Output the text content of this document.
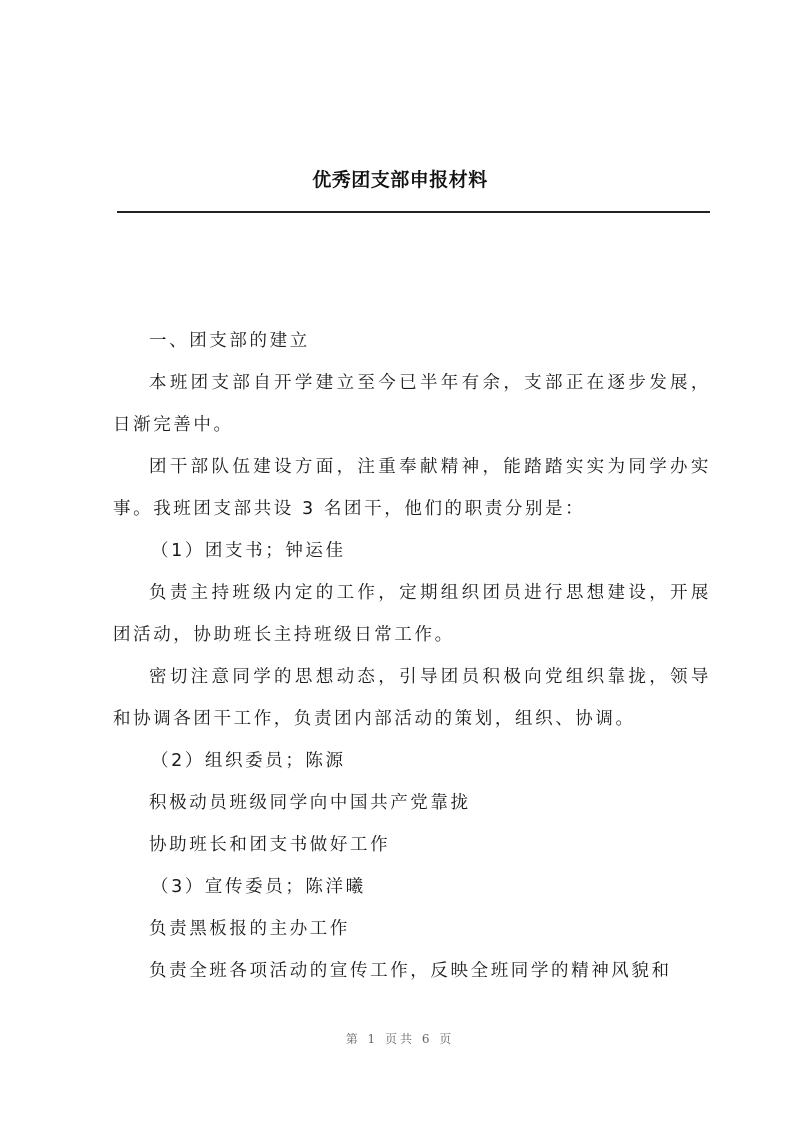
优秀团支部申报材料

一、团支部的建立

本班团支部自开学建立至今已半年有余，支部正在逐步发展，日渐完善中。

团干部队伍建设方面，注重奉献精神，能踏踏实实为同学办实事。我班团支部共设 3 名团干，他们的职责分别是：

（1）团支书；钟运佳

负责主持班级内定的工作，定期组织团员进行思想建设，开展团活动，协助班长主持班级日常工作。

密切注意同学的思想动态，引导团员积极向党组织靠拢，领导和协调各团干工作，负责团内部活动的策划，组织、协调。

（2）组织委员；陈源

积极动员班级同学向中国共产党靠拢

协助班长和团支书做好工作

（3）宣传委员；陈洋曦

负责黑板报的主办工作

负责全班各项活动的宣传工作，反映全班同学的精神风貌和

第 1 页共 6 页
